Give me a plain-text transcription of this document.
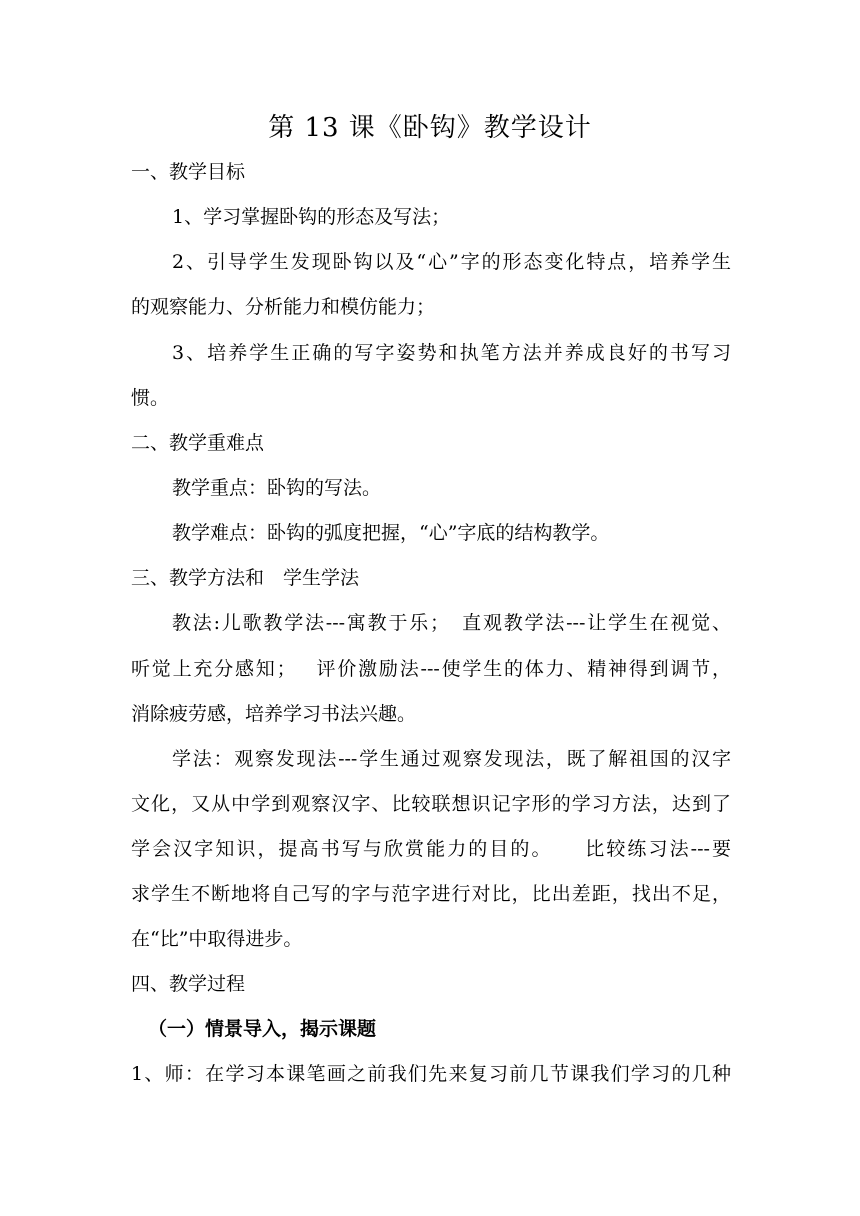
第 13 课《卧钩》教学设计
一、教学目标
1、学习掌握卧钩的形态及写法；
2、引导学生发现卧钩以及“心”字的形态变化特点，培养学生
的观察能力、分析能力和模仿能力；
3、培养学生正确的写字姿势和执笔方法并养成良好的书写习
惯。
二、教学重难点
教学重点：卧钩的写法。
教学难点：卧钩的弧度把握，“心”字底的结构教学。
三、教学方法和　学生学法
教法:儿歌教学法---寓教于乐；　直观教学法---让学生在视觉、
听觉上充分感知；　 评价激励法---使学生的体力、精神得到调节，
消除疲劳感，培养学习书法兴趣。
学法：观察发现法---学生通过观察发现法，既了解祖国的汉字
文化，又从中学到观察汉字、比较联想识记字形的学习方法，达到了
学会汉字知识，提高书写与欣赏能力的目的。　　比较练习法---要
求学生不断地将自己写的字与范字进行对比，比出差距，找出不足，
在“比”中取得进步。
四、教学过程
（一）情景导入，揭示课题
1、师：在学习本课笔画之前我们先来复习前几节课我们学习的几种
